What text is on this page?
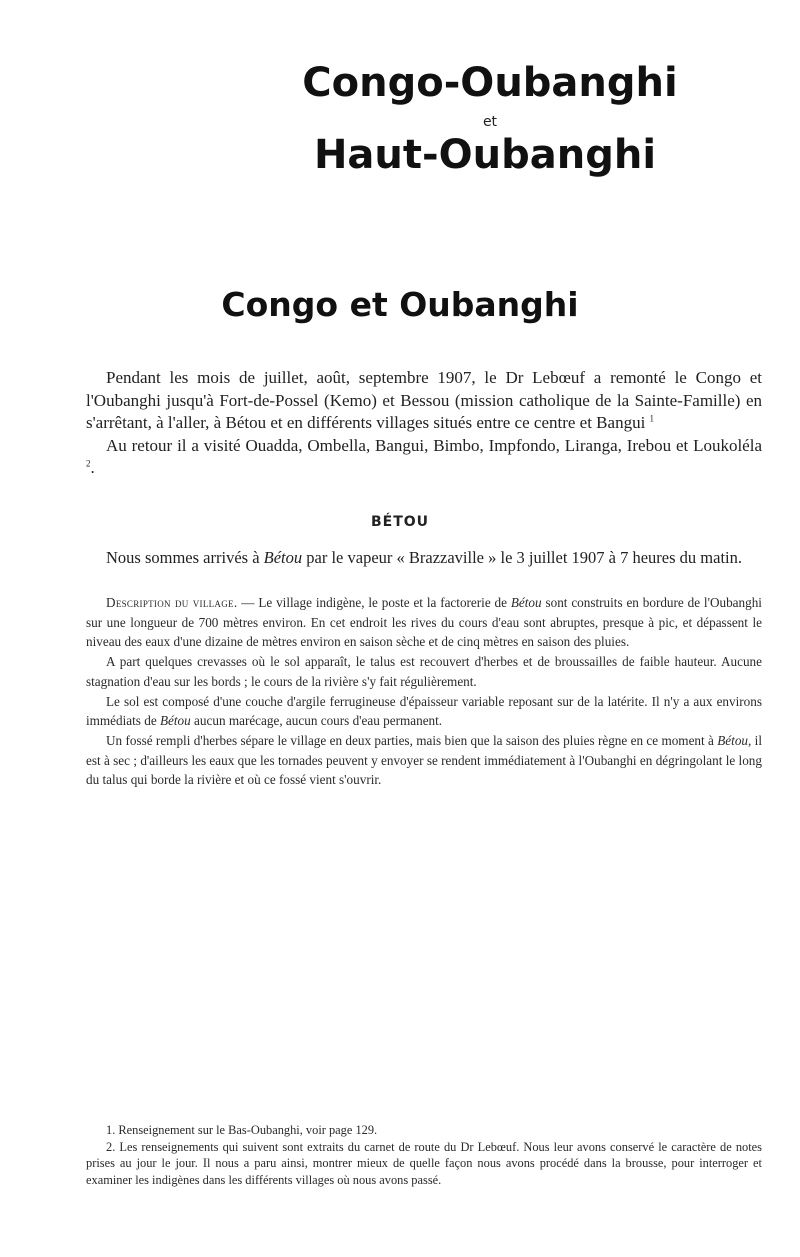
Congo-Oubanghi
et
Haut-Oubanghi
Congo et Oubanghi

Pendant les mois de juillet, août, septembre 1907, le Dr Lebœuf a remonté le Congo et l'Oubanghi jusqu'à Fort-de-Possel (Kemo) et Bessou (mission catholique de la Sainte-Famille) en s'arrêtant, à l'aller, à Bétou et en différents villages situés entre ce centre et Bangui $^1$

Au retour il a visité Ouadda, Ombella, Bangui, Bimbo, Impfondo, Liranga, Irebou et Loukoléla $^2$.

BÉTOU

Nous sommes arrivés à Bétou par le vapeur « Brazzaville » le 3 juillet 1907 à 7 heures du matin.

Description du village. — Le village indigène, le poste et la factorerie de Bétou sont construits en bordure de l'Oubanghi sur une longueur de 700 mètres environ. En cet endroit les rives du cours d'eau sont abruptes, presque à pic, et dépassent le niveau des eaux d'une dizaine de mètres environ en saison sèche et de cinq mètres en saison des pluies.

A part quelques crevasses où le sol apparaît, le talus est recouvert d'herbes et de broussailles de faible hauteur. Aucune stagnation d'eau sur les bords ; le cours de la rivière s'y fait régulièrement.

Le sol est composé d'une couche d'argile ferrugineuse d'épaisseur variable reposant sur de la latérite. Il n'y a aux environs immédiats de Bétou aucun marécage, aucun cours d'eau permanent.

Un fossé rempli d'herbes sépare le village en deux parties, mais bien que la saison des pluies règne en ce moment à Bétou, il est à sec ; d'ailleurs les eaux que les tornades peuvent y envoyer se rendent immédiatement à l'Oubanghi en dégringolant le long du talus qui borde la rivière et où ce fossé vient s'ouvrir.

1. Renseignement sur le Bas-Oubanghi, voir page 129.

2. Les renseignements qui suivent sont extraits du carnet de route du Dr Lebœuf. Nous leur avons conservé le caractère de notes prises au jour le jour. Il nous a paru ainsi, montrer mieux de quelle façon nous avons procédé dans la brousse, pour interroger et examiner les indigènes dans les différents villages où nous avons passé.
